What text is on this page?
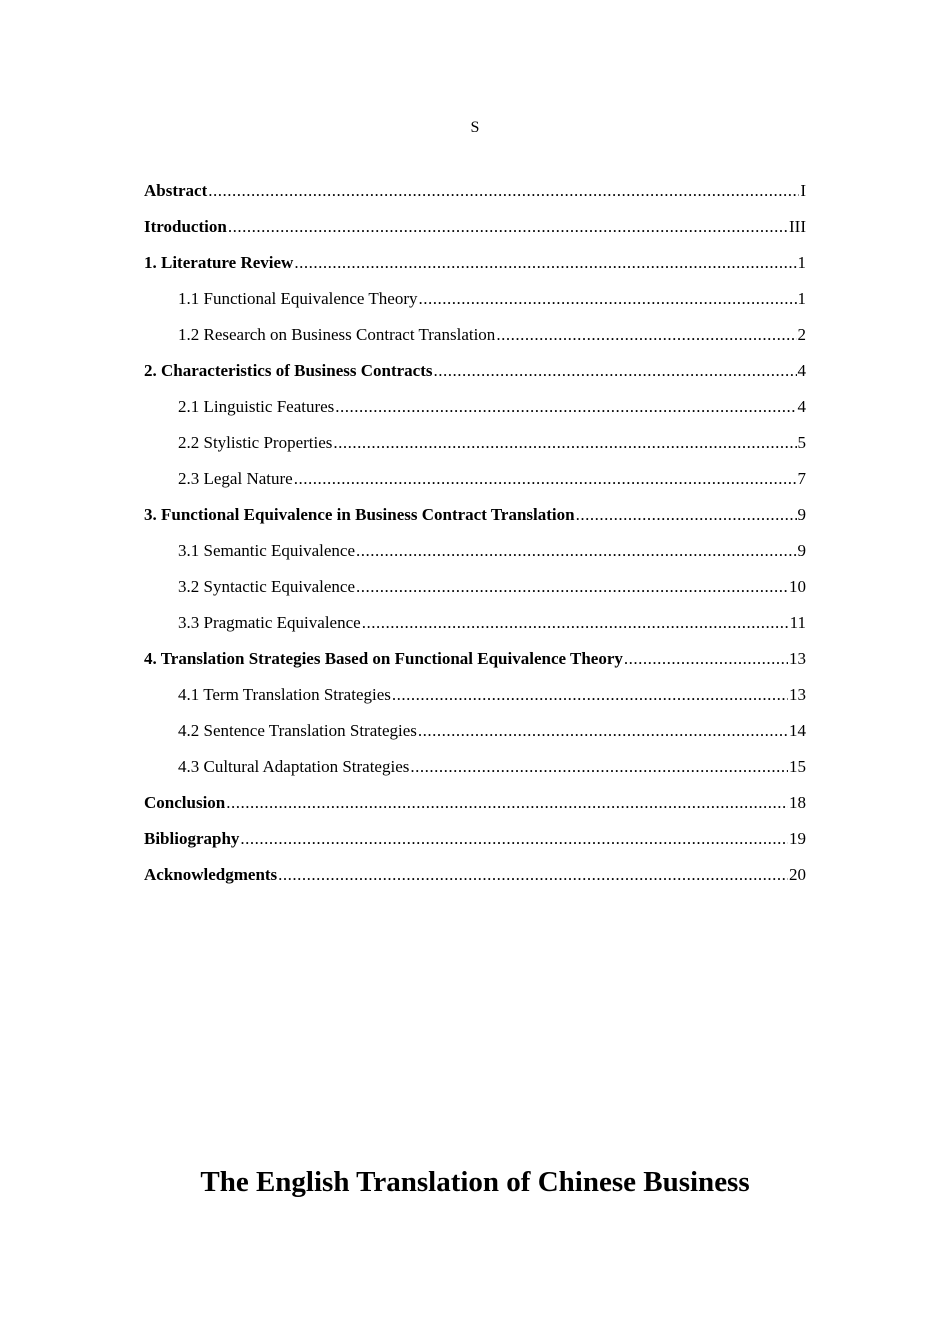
S
Abstract .....	I
Itroduction .....	III
1. Literature Review .....	1
1.1 Functional Equivalence Theory .....	1
1.2 Research on Business Contract Translation .....	2
2. Characteristics of Business Contracts .....	4
2.1 Linguistic Features .....	4
2.2 Stylistic Properties .....	5
2.3 Legal Nature .....	7
3. Functional Equivalence in Business Contract Translation .....	9
3.1 Semantic Equivalence .....	9
3.2 Syntactic Equivalence .....	10
3.3 Pragmatic Equivalence .....	11
4. Translation Strategies Based on Functional Equivalence Theory .....	13
4.1 Term Translation Strategies .....	13
4.2 Sentence Translation Strategies .....	14
4.3 Cultural Adaptation Strategies .....	15
Conclusion .....	18
Bibliography .....	19
Acknowledgments .....	20
The English Translation of Chinese Business
